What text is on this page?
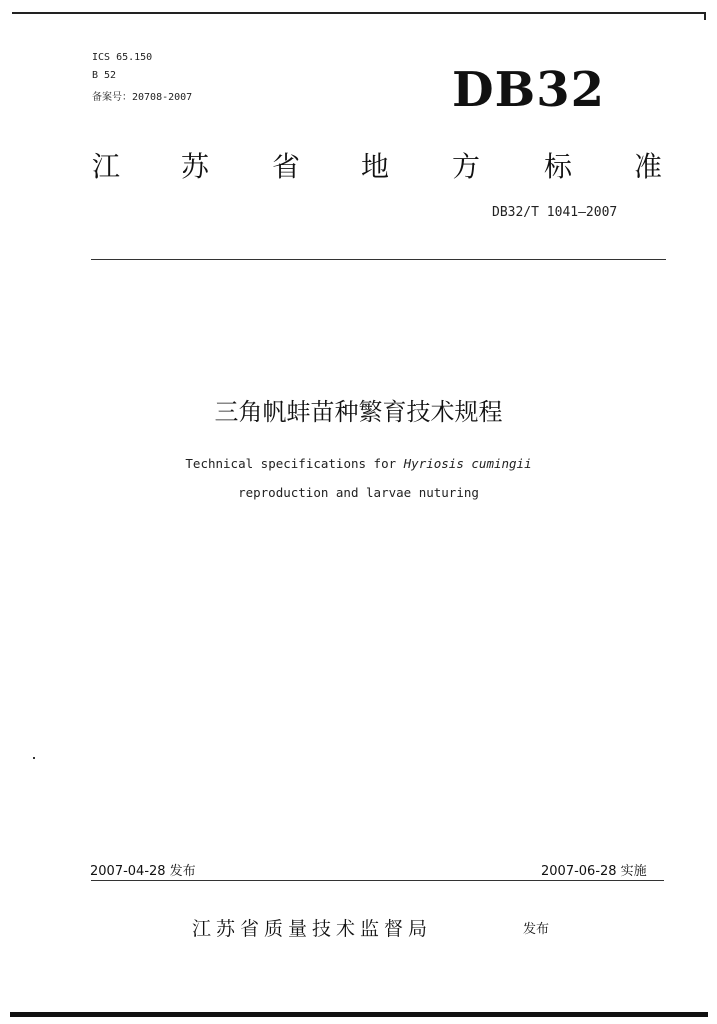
ICS 65.150
B 52
备案号：20708-2007	DB32
江 苏 省 地 方 标 准
DB32/T 1041—2007
三角帆蚌苗种繁育技术规程
Technical specifications for Hyriosis cumingii
reproduction and larvae nuturing
2007-04-28 发布	2007-06-28 实施
江苏省质量技术监督局	发布
